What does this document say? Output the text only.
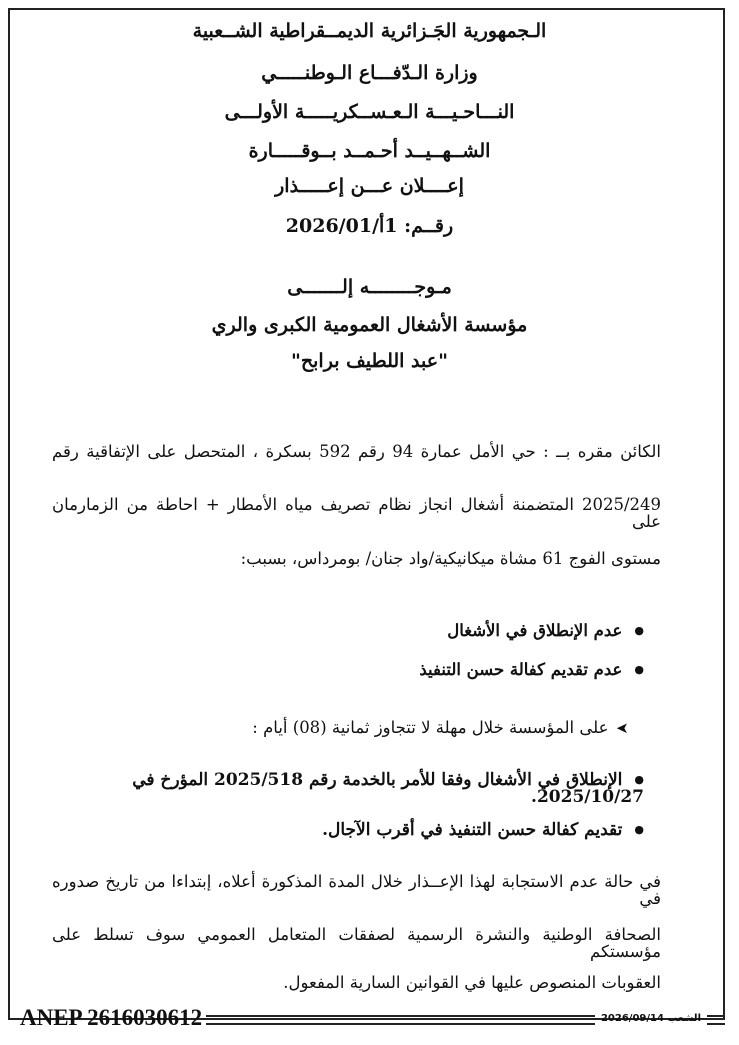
الـجمهورية الجَـزائرية الديمــقراطية الشــعبية
وزارة الـدّفـــاع الـوطنـــــي
النـــاحـيـــة الـعـســكريـــــة الأولـــى
الشــهــيــد أحـمــد بــوقـــــارة
إعــــلان عـــن إعـــــذار
رقــم: 1أ/2026/01
مـوجــــــــه إلـــــــى
مؤسسة الأشغال العمومية الكبرى والري
"عبد اللطيف برابح"
الكائن مقره بــ : حي الأمل عمارة 94 رقم 592 بسكرة ، المتحصل على الإتفاقية رقم
2025/249 المتضمنة أشغال انجاز نظام تصريف مياه الأمطار + احاطة من الزمارمان على
مستوى الفوج 61 مشاة ميكانيكية/واد جنان/ بومرداس، بسبب:
● عدم الإنطلاق في الأشغال
● عدم تقديم كفالة حسن التنفيذ
➤ على المؤسسة خلال مهلة لا تتجاوز ثمانية (08) أيام :
● الإنطلاق في الأشغال وفقا للأمر بالخدمة رقم 2025/518 المؤرخ في 2025/10/27.
● تقديم كفالة حسن التنفيذ في أقرب الآجال.
في حالة عدم الاستجابة لهذا الإعــذار خلال المدة المذكورة أعلاه، إبتداءا من تاريخ صدوره في
الصحافة الوطنية والنشرة الرسمية لصفقات المتعامل العمومي سوف تسلط على مؤسستكم
العقوبات المنصوص عليها في القوانين السارية المفعول.
ANEP 2616030612	الشعب 2026/09/14
